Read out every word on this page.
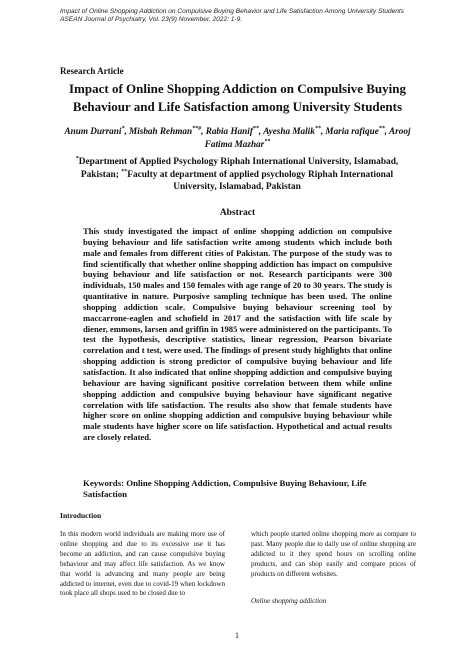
Impact of Online Shopping Addiction on Compulsive Buying Behavior and Life Satisfaction Among University Students
ASEAN Journal of Psychiatry, Vol. 23(9) November, 2022: 1-9.
Research Article
Impact of Online Shopping Addiction on Compulsive Buying Behaviour and Life Satisfaction among University Students
Anum Durrani*, Misbah Rehman**#, Rabia Hanif**, Ayesha Malik**, Maria rafique**, Arooj Fatima Mazhar**
*Department of Applied Psychology Riphah International University, Islamabad, Pakistan; **Faculty at department of applied psychology Riphah International University, Islamabad, Pakistan
Abstract

This study investigated the impact of online shopping addiction on compulsive buying behaviour and life satisfaction write among students which include both male and females from different cities of Pakistan. The purpose of the study was to find scientifically that whether online shopping addiction has impact on compulsive buying behaviour and life satisfaction or not. Research participants were 300 individuals, 150 males and 150 females with age range of 20 to 30 years. The study is quantitative in nature. Purposive sampling technique has been used. The online shopping addiction scale. Compulsive buying behaviour screening tool by maccarrone-eaglen and schofield in 2017 and the satisfaction with life scale by diener, emmons, larsen and griffin in 1985 were administered on the participants. To test the hypothesis, descriptive statistics, linear regression, Pearson bivariate correlation and t test, were used. The findings of present study highlights that online shopping addiction is strong predictor of compulsive buying behaviour and life satisfaction. It also indicated that online shopping addiction and compulsive buying behaviour are having significant positive correlation between them while online shopping addiction and compulsive buying behaviour have significant negative correlation with life satisfaction. The results also show that female students have higher score on online shopping addiction and compulsive buying behaviour while male students have higher score on life satisfaction. Hypothetical and actual results are closely related.

Keywords: Online Shopping Addiction, Compulsive Buying Behaviour, Life Satisfaction

Introduction

In this modern world individuals are making more use of online shopping and due to its excessive use it has become an addiction, and can cause compulsive buying behaviour and may affect life satisfaction. As we know that world is advancing and many people are being addicted to internet, even due to covid-19 when lockdown took place all shops used to be closed due to

which people started online shopping more as compare to past. Many people due to daily use of online shopping are addicted to it they spend hours on scrolling online products, and can shop easily and compare prices of products on different websites.

Online shopping addiction
1
